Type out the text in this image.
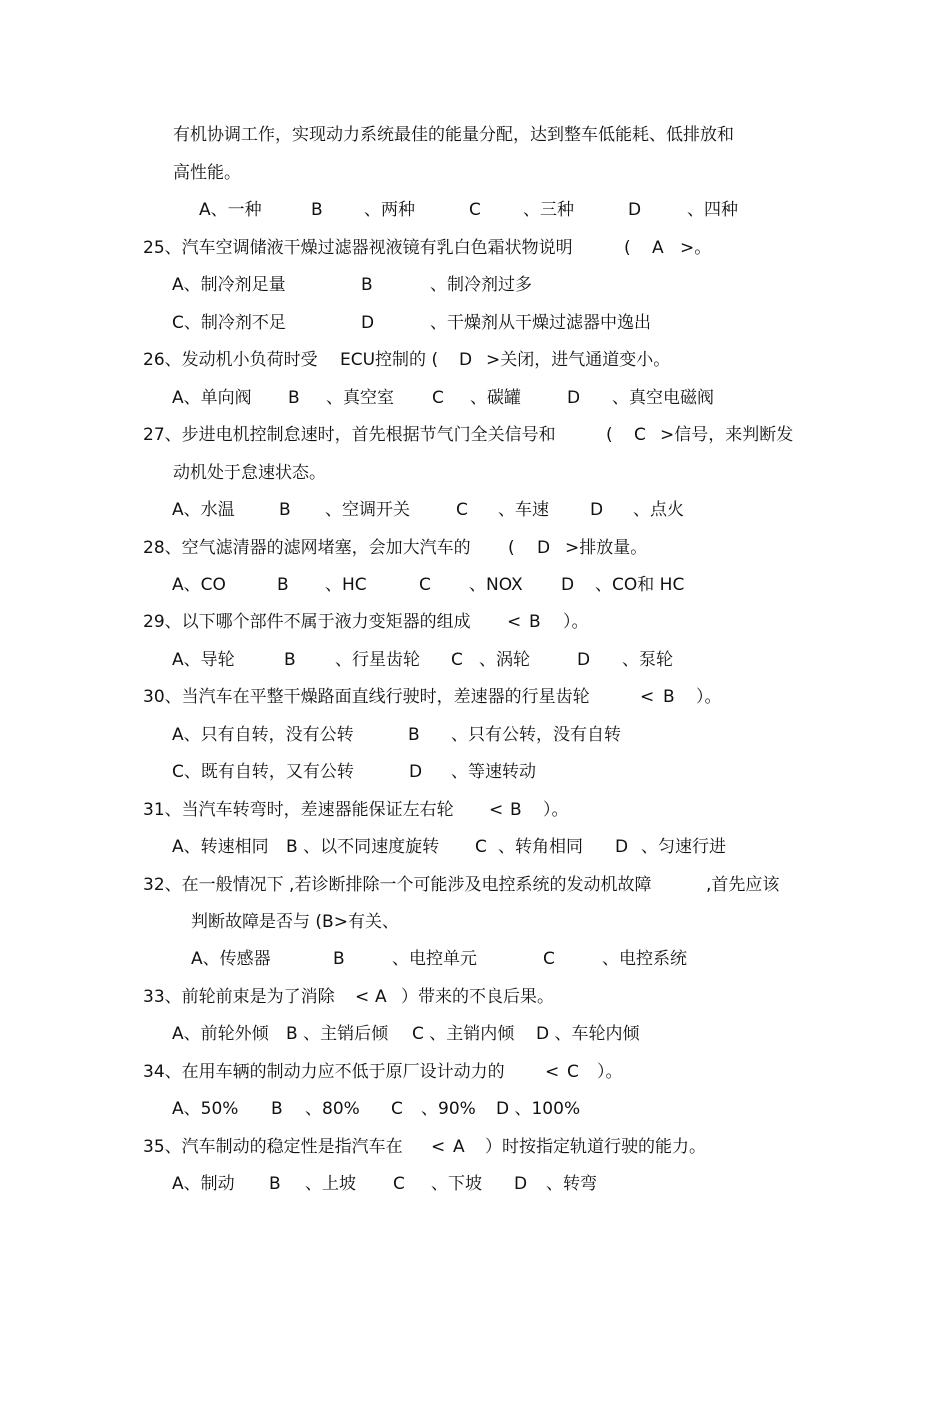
有机协调工作，实现动力系统最佳的能量分配，达到整车低能耗、低排放和

高性能。

A、一种

	B

、两种

	C

、三种

	D

	、四种

25、汽车空调储液干燥过滤器视液镜有乳白色霜状物说明

	(

A

>。

A、制冷剂足量

	B

	、制冷剂过多

C、制冷剂不足

	D

	、干燥剂从干燥过滤器中逸出

26、发动机小负荷时受

ECU控制的 (

D

>关闭，进气通道变小。

A、单向阀

B

、真空室

C

、碳罐

	D

、真空电磁阀

27、步进电机控制怠速时，首先根据节气门全关信号和

	(

C

>信号，来判断发

动机处于怠速状态。

A、水温

	B

、空调开关

	C

、车速

D

、点火

28、空气滤清器的滤网堵塞，会加大汽车的

(

D

>排放量。

A、CO

	B

、HC

	C

、NOX

D

、CO和 HC

29、以下哪个部件不属于液力变矩器的组成

<

B

）。

A、导轮

	B

、行星齿轮

C

、涡轮

	D

、泵轮

30、当汽车在平整干燥路面直线行驶时，差速器的行星齿轮

	<

B

）。

A、只有自转，没有公转

	B

、只有公转，没有自转

C、既有自转，又有公转

	D

、等速转动

31、当汽车转弯时，差速器能保证左右轮

<

B

）。

A、转速相同

B 、以不同速度旋转

C

、转角相同

D

、匀速行进

32、在一般情况下 ,若诊断排除一个可能涉及电控系统的发动机故障

	,首先应该

判断故障是否与 (B>有关、

A、传感器

	B

	、电控单元

	C

	、电控系统

33、前轮前束是为了消除

<

A

）带来的不良后果。

A、前轮外倾

B 、主销后倾

C 、主销内倾

D 、车轮内倾

34、在用车辆的制动力应不低于原厂设计动力的

<

C

）。

A、50%

B

、80%

C

、90%

D 、100%

35、汽车制动的稳定性是指汽车在

<

A

）时按指定轨道行驶的能力。

A、制动

B

、上坡

C

、下坡

D

、转弯
